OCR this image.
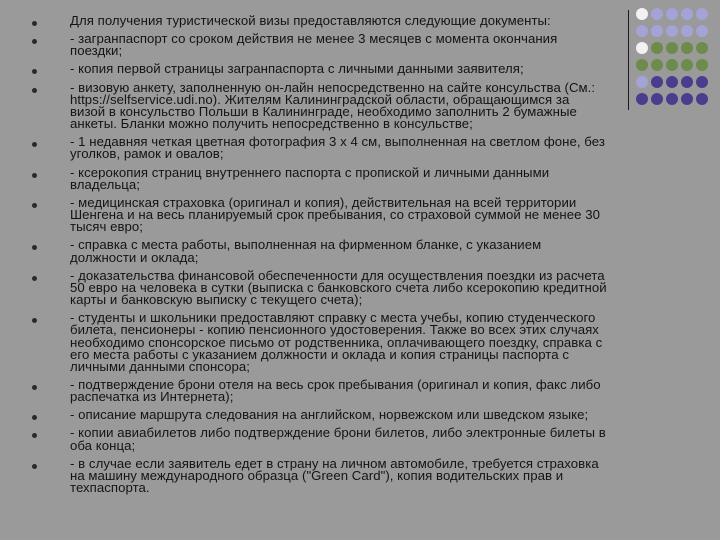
Для получения туристической визы предоставляются следующие документы:
- загранпаспорт со сроком действия не менее 3 месяцев с момента окончания
поездки;
- копия первой страницы загранпаспорта с личными данными заявителя;
- визовую анкету, заполненную он-лайн непосредственно на сайте консульства (См.:
https://selfservice.udi.no). Жителям Калининградской области, обращающимся за
визой в консульство Польши в Калининграде, необходимо заполнить 2 бумажные
анкеты. Бланки можно получить непосредственно в консульстве;
- 1 недавняя четкая цветная фотография 3 х 4 см, выполненная на светлом фоне, без
уголков, рамок и овалов;
- ксерокопия страниц внутреннего паспорта с пропиской и личными данными
владельца;
- медицинская страховка (оригинал и копия), действительная на всей территории
Шенгена и на весь планируемый срок пребывания, со страховой суммой не менее 30
тысяч евро;
- справка с места работы, выполненная на фирменном бланке, с указанием
должности и оклада;
- доказательства финансовой обеспеченности для осуществления поездки из расчета
50 евро на человека в сутки (выписка с банковского счета либо ксерокопию кредитной
карты и банковскую выписку с текущего счета);
- студенты и школьники предоставляют справку с места учебы, копию студенческого
билета, пенсионеры - копию пенсионного удостоверения. Также во всех этих случаях
необходимо спонсорское письмо от родственника, оплачивающего поездку, справка с
его места работы с указанием должности и оклада и копия страницы паспорта с
личными данными спонсора;
- подтверждение брони отеля на весь срок пребывания (оригинал и копия, факс либо
распечатка из Интернета);
- описание маршрута следования на английском, норвежском или шведском языке;
- копии авиабилетов либо подтверждение брони билетов, либо электронные билеты в
оба конца;
- в случае если заявитель едет в страну на личном автомобиле, требуется страховка
на машину международного образца ("Green Card"), копия водительских прав и
техпаспорта.
